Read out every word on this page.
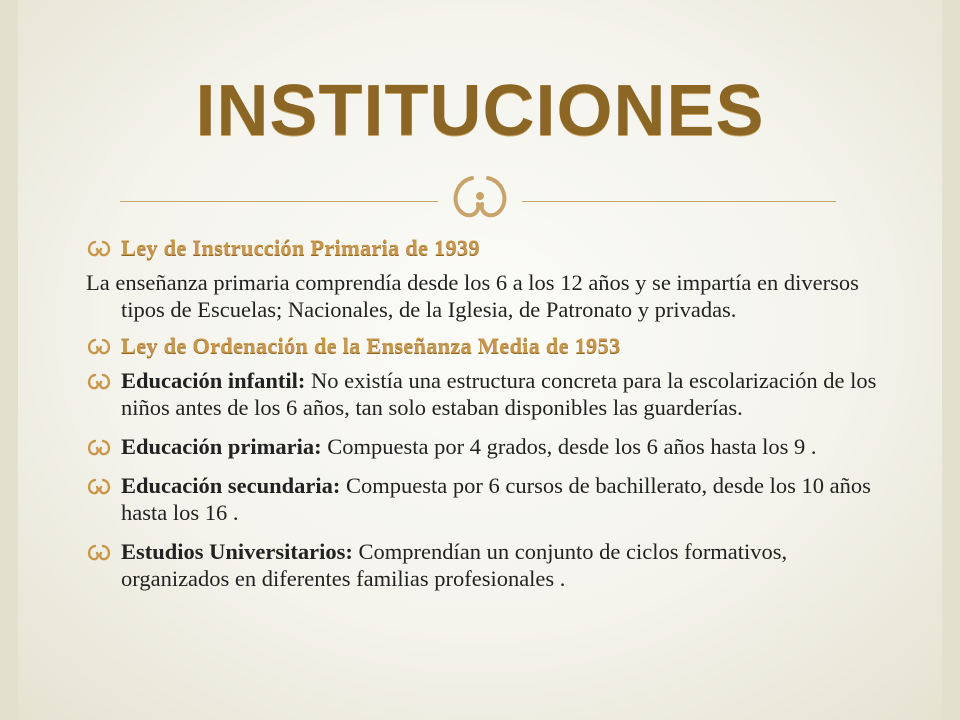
INSTITUCIONES
Ley de Instrucción Primaria de 1939

La enseñanza primaria comprendía desde los 6 a los 12 años y se impartía en diversos tipos de Escuelas; Nacionales, de la Iglesia, de Patronato y privadas.

Ley de Ordenación de la Enseñanza Media de 1953
Educación infantil: No existía una estructura concreta para la escolarización de los niños antes de los 6 años, tan solo estaban disponibles las guarderías.
Educación primaria: Compuesta por 4 grados, desde los 6 años hasta los 9 .
Educación secundaria: Compuesta por 6 cursos de bachillerato, desde los 10 años hasta los 16 .
Estudios Universitarios: Comprendían un conjunto de ciclos formativos, organizados en diferentes familias profesionales .
